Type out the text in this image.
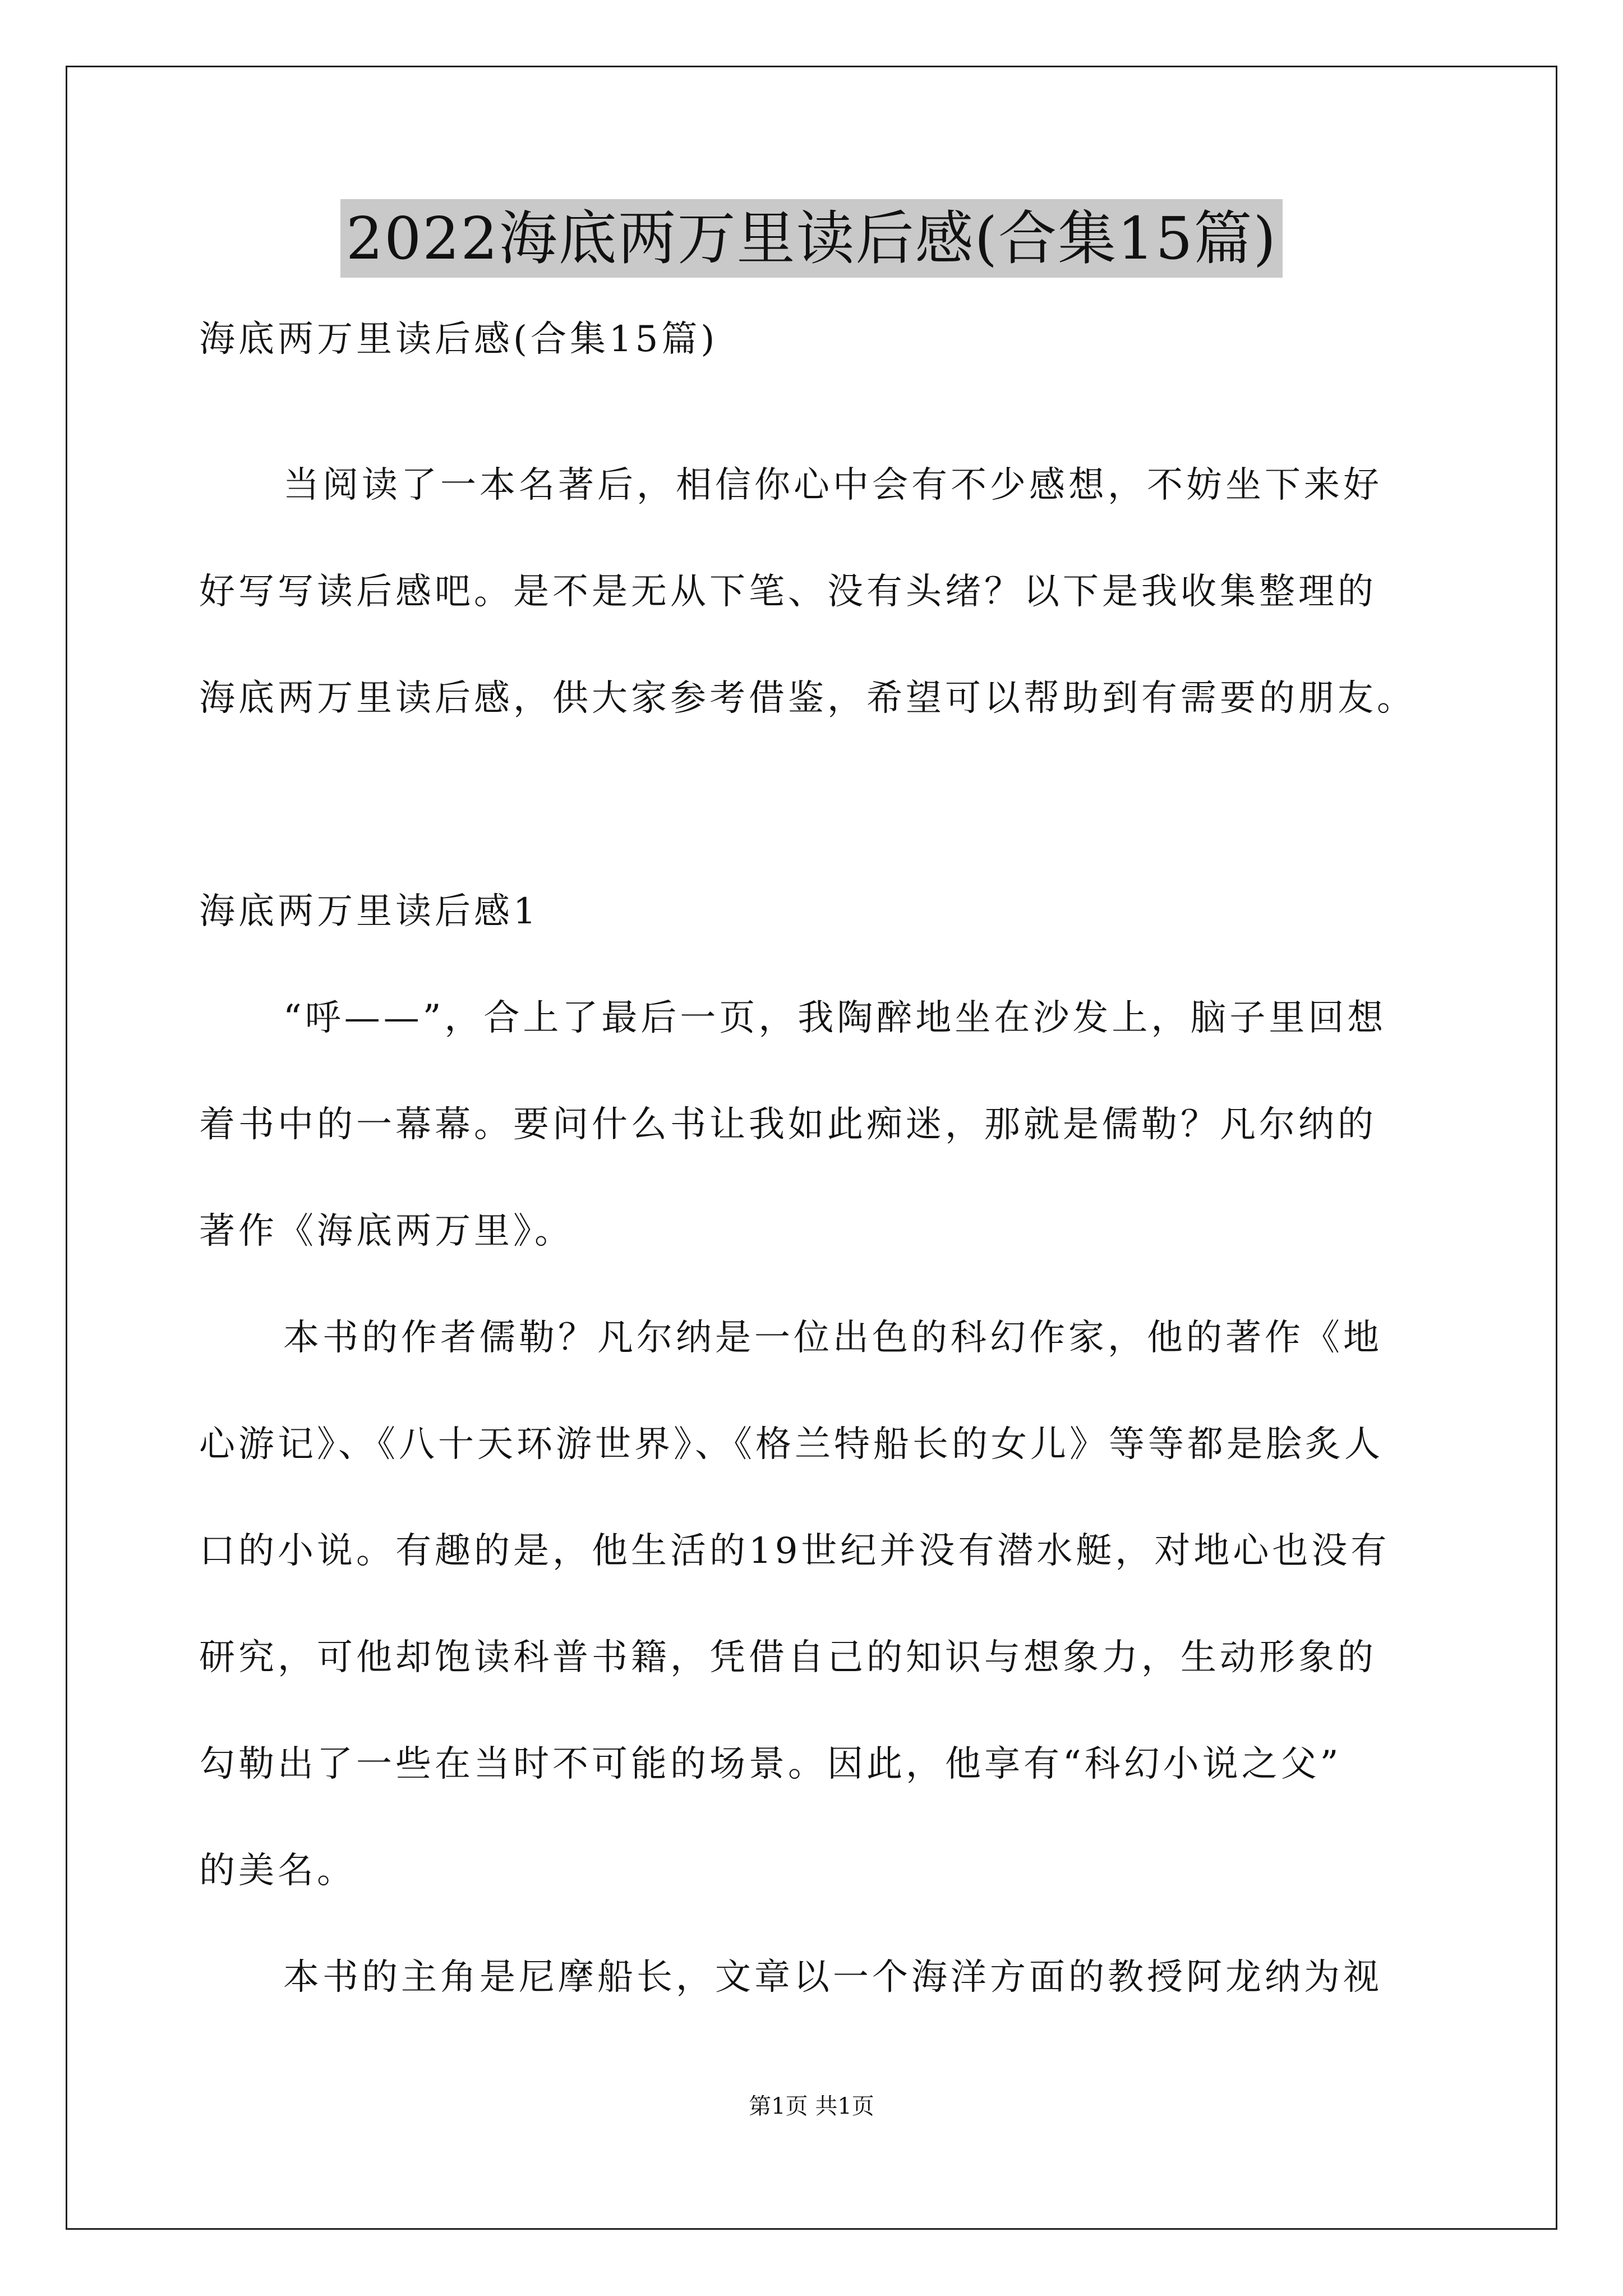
2022海底两万里读后感(合集15篇)
海底两万里读后感(合集15篇)
当阅读了一本名著后，相信你心中会有不少感想，不妨坐下来好
好写写读后感吧。是不是无从下笔、没有头绪？以下是我收集整理的
海底两万里读后感，供大家参考借鉴，希望可以帮助到有需要的朋友。
海底两万里读后感1
“呼——”，合上了最后一页，我陶醉地坐在沙发上，脑子里回想
着书中的一幕幕。要问什么书让我如此痴迷，那就是儒勒？凡尔纳的
著作《海底两万里》。
本书的作者儒勒？凡尔纳是一位出色的科幻作家，他的著作《地
心游记》、《八十天环游世界》、《格兰特船长的女儿》等等都是脍炙人
口的小说。有趣的是，他生活的19世纪并没有潜水艇，对地心也没有
研究，可他却饱读科普书籍，凭借自己的知识与想象力，生动形象的
勾勒出了一些在当时不可能的场景。因此，他享有“科幻小说之父”
的美名。
本书的主角是尼摩船长，文章以一个海洋方面的教授阿龙纳为视
第1页 共1页
